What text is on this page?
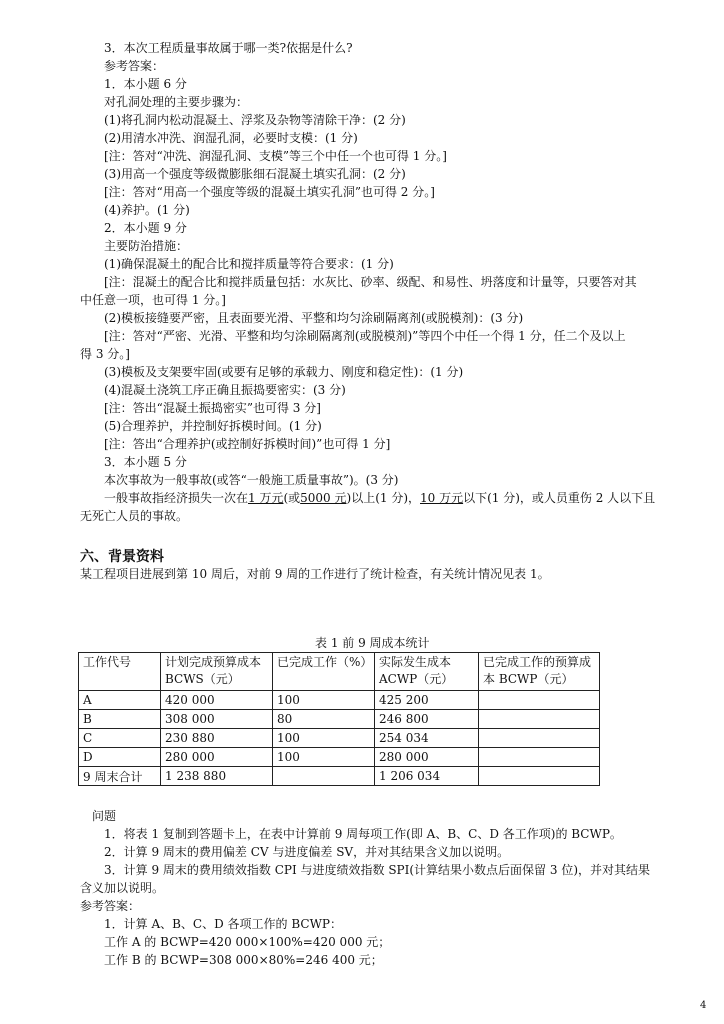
3．本次工程质量事故属于哪一类?依据是什么?
参考答案：
1．本小题 6 分
对孔洞处理的主要步骤为：
(1)将孔洞内松动混凝土、浮浆及杂物等清除干净：(2 分)
(2)用清水冲洗、润湿孔洞，必要时支模：(1 分)
[注：答对“冲洗、润湿孔洞、支模”等三个中任一个也可得 1 分。]
(3)用高一个强度等级微膨胀细石混凝土填实孔洞：(2 分)
[注：答对“用高一个强度等级的混凝土填实孔洞”也可得 2 分。]
(4)养护。(1 分)
2．本小题 9 分
主要防治措施：
(1)确保混凝土的配合比和搅拌质量等符合要求：(1 分)
[注：混凝土的配合比和搅拌质量包括：水灰比、砂率、级配、和易性、坍落度和计量等，只要答对其
中任意一项，也可得 1 分。]
(2)模板接缝要严密，且表面要光滑、平整和均匀涂刷隔离剂(或脱模剂)：(3 分)
[注：答对“严密、光滑、平整和均匀涂刷隔离剂(或脱模剂)”等四个中任一个得 1 分，任二个及以上
得 3 分。]
(3)模板及支架要牢固(或要有足够的承载力、刚度和稳定性)：(1 分)
(4)混凝土浇筑工序正确且振捣要密实：(3 分)
[注：答出“混凝土振捣密实”也可得 3 分]
(5)合理养护，并控制好拆模时间。(1 分)
[注：答出“合理养护(或控制好拆模时间)”也可得 1 分]
3．本小题 5 分
本次事故为一般事故(或答“一般施工质量事故”)。(3 分)
一般事故指经济损失一次在1 万元(或5000 元)以上(1 分)，10 万元以下(1 分)，或人员重伤 2 人以下且
无死亡人员的事故。
六、背景资料
某工程项目进展到第 10 周后，对前 9 周的工作进行了统计检查，有关统计情况见表 1。
表 1 前 9 周成本统计
工作代号	计划完成预算成本 BCWS（元）	已完成工作（%）	实际发生成本 ACWP（元）	已完成工作的预算成本 BCWP（元）
A	420 000	100	425 200	
B	308 000	80	246 800	
C	230 880	100	254 034	
D	280 000	100	280 000	
9 周末合计	1 238 880		1 206 034	
问题
1．将表 1 复制到答题卡上，在表中计算前 9 周每项工作(即 A、B、C、D 各工作项)的 BCWP。
2．计算 9 周末的费用偏差 CV 与进度偏差 SV，并对其结果含义加以说明。
3．计算 9 周末的费用绩效指数 CPI 与进度绩效指数 SPI(计算结果小数点后面保留 3 位)，并对其结果
含义加以说明。
参考答案：
1．计算 A、B、C、D 各项工作的 BCWP：
工作 A 的 BCWP=420 000×100%=420 000 元；
工作 B 的 BCWP=308 000×80%=246 400 元；
4
